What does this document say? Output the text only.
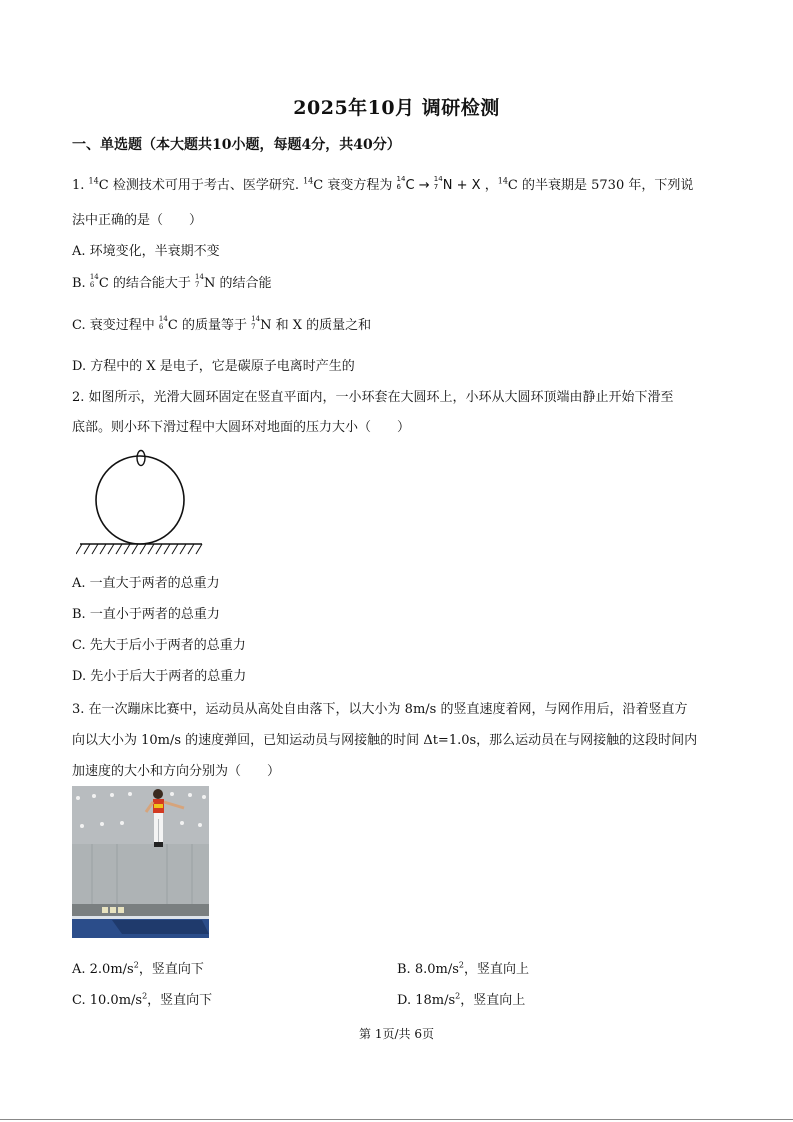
2025年10月 调研检测
一、单选题（本大题共10小题，每题4分，共40分）
1. $^{14}$C 检测技术可用于考古、医学研究. $^{14}$C 衰变方程为 14
6 C → 14
7 N + X ，$^{14}$C 的半衰期是 5730 年，下列说
法中正确的是（　　）
A. 环境变化，半衰期不变
B. 14
6 C 的结合能大于 14
7 N 的结合能
C. 衰变过程中 14
6 C 的质量等于 14
7 N 和 X 的质量之和
D. 方程中的 X 是电子，它是碳原子电离时产生的
2. 如图所示，光滑大圆环固定在竖直平面内，一小环套在大圆环上，小环从大圆环顶端由静止开始下滑至
底部。则小环下滑过程中大圆环对地面的压力大小（　　）
A. 一直大于两者的总重力
B. 一直小于两者的总重力
C. 先大于后小于两者的总重力
D. 先小于后大于两者的总重力
3. 在一次蹦床比赛中，运动员从高处自由落下，以大小为 8m/s 的竖直速度着网，与网作用后，沿着竖直方
向以大小为 10m/s 的速度弹回，已知运动员与网接触的时间 Δt=1.0s，那么运动员在与网接触的这段时间内
加速度的大小和方向分别为（　　）
A. $2.0m/s^2$，竖直向下	B. $8.0m/s^2$，竖直向上
C. $10.0m/s^2$，竖直向下	D. $18m/s^2$，竖直向上
第 1页/共 6页
